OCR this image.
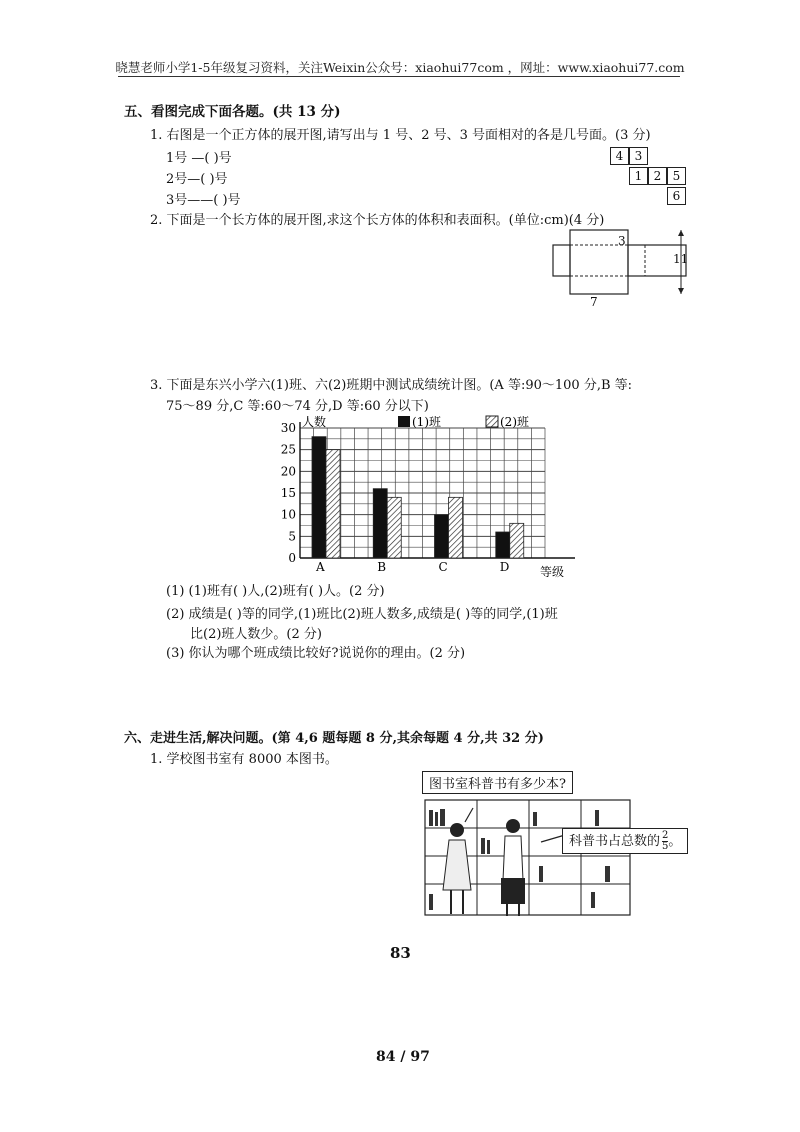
晓慧老师小学1-5年级复习资料，关注Weixin公众号：xiaohui77com ，网址：www.xiaohui77.com
五、看图完成下面各题。(共 13 分)
1. 右图是一个正方体的展开图,请写出与 1 号、2 号、3 号面相对的各是几号面。(3 分)
1号 —( )号
2号—( )号
3号——( )号
4 3
1 2 5
6
2. 下面是一个长方体的展开图,求这个长方体的体积和表面积。(单位:cm)(4 分)
3
11
7
3. 下面是东兴小学六(1)班、六(2)班期中测试成绩统计图。(A 等:90～100 分,B 等:
75～89 分,C 等:60～74 分,D 等:60 分以下)
0
5
10
15
20
25
30
A	B	C	D
人数
等级
(1)班	(2)班
(1) (1)班有( )人,(2)班有( )人。(2 分)
(2) 成绩是( )等的同学,(1)班比(2)班人数多,成绩是( )等的同学,(1)班
比(2)班人数少。(2 分)
(3) 你认为哪个班成绩比较好?说说你的理由。(2 分)
六、走进生活,解决问题。(第 4,6 题每题 8 分,其余每题 4 分,共 32 分)
1. 学校图书室有 8000 本图书。
图书室科普书有多少本?
科普书占总数的 $\frac{2}{5}$ 。
83
84 / 97
